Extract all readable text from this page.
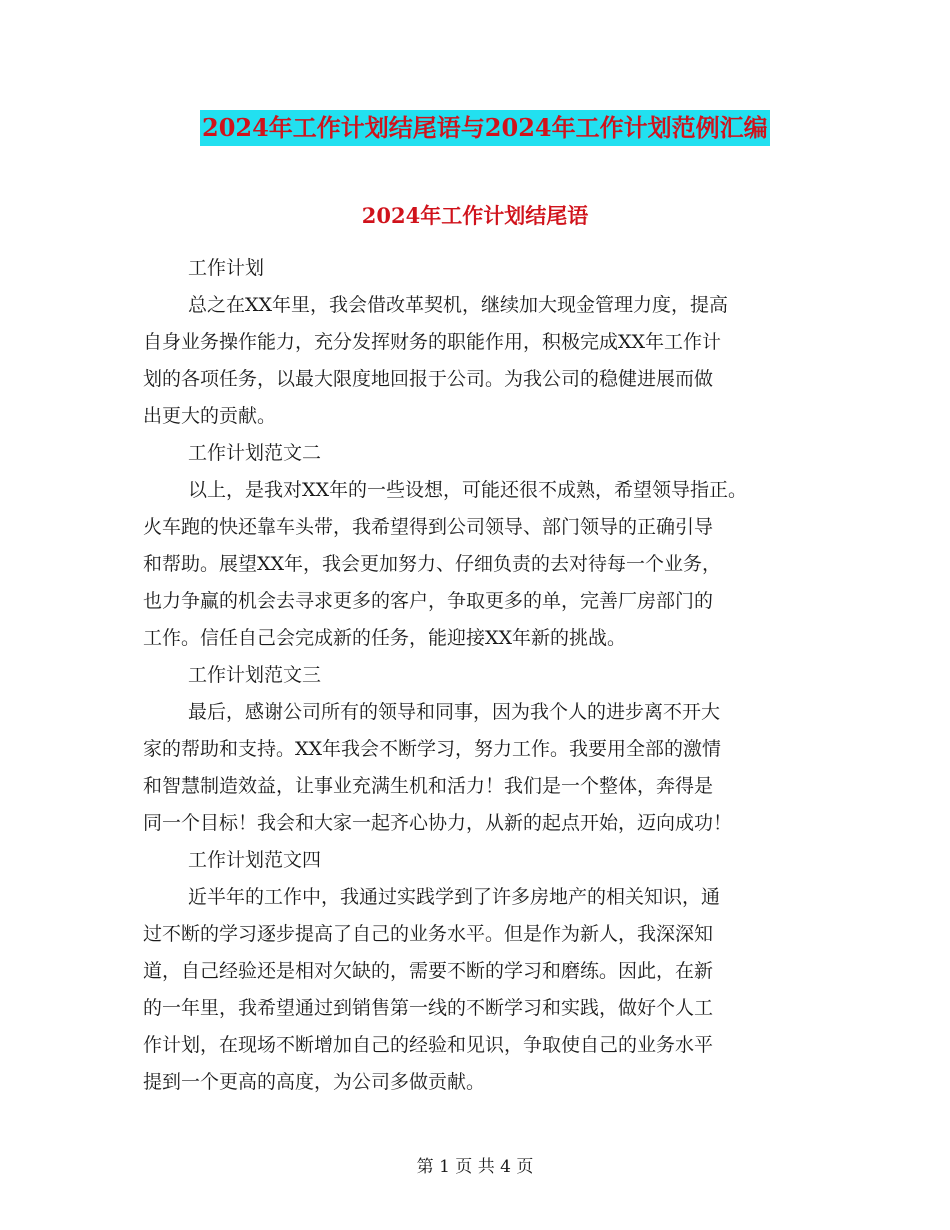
2024年工作计划结尾语与2024年工作计划范例汇编
2024年工作计划结尾语
工作计划
总之在XX年里，我会借改革契机，继续加大现金管理力度，提高
自身业务操作能力，充分发挥财务的职能作用，积极完成XX年工作计
划的各项任务，以最大限度地回报于公司。为我公司的稳健进展而做
出更大的贡献。
工作计划范文二
以上，是我对XX年的一些设想，可能还很不成熟，希望领导指正。
火车跑的快还靠车头带，我希望得到公司领导、部门领导的正确引导
和帮助。展望XX年，我会更加努力、仔细负责的去对待每一个业务，
也力争赢的机会去寻求更多的客户，争取更多的单，完善厂房部门的
工作。信任自己会完成新的任务，能迎接XX年新的挑战。
工作计划范文三
最后，感谢公司所有的领导和同事，因为我个人的进步离不开大
家的帮助和支持。XX年我会不断学习，努力工作。我要用全部的激情
和智慧制造效益，让事业充满生机和活力！我们是一个整体，奔得是
同一个目标！我会和大家一起齐心协力，从新的起点开始，迈向成功！
工作计划范文四
近半年的工作中，我通过实践学到了许多房地产的相关知识，通
过不断的学习逐步提高了自己的业务水平。但是作为新人，我深深知
道，自己经验还是相对欠缺的，需要不断的学习和磨练。因此，在新
的一年里，我希望通过到销售第一线的不断学习和实践，做好个人工
作计划，在现场不断增加自己的经验和见识，争取使自己的业务水平
提到一个更高的高度，为公司多做贡献。
第 1 页 共 4 页
